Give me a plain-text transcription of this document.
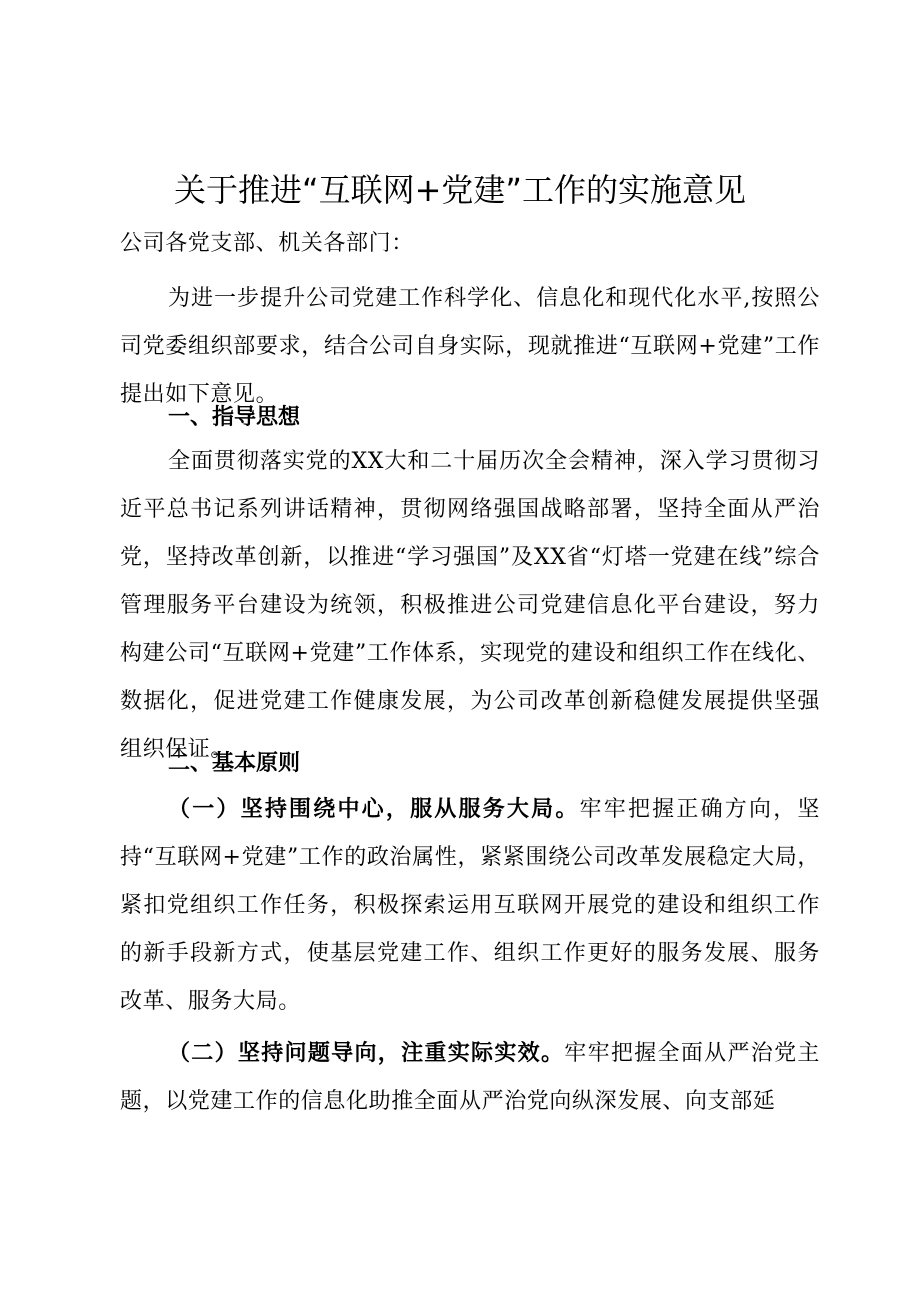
关于推进“互联网+党建”工作的实施意见

公司各党支部、机关各部门：

为进一步提升公司党建工作科学化、信息化和现代化水平,按照公司党委组织部要求，结合公司自身实际，现就推进“互联网+党建”工作提出如下意见。

一、指导思想

全面贯彻落实党的XX大和二十届历次全会精神，深入学习贯彻习近平总书记系列讲话精神，贯彻网络强国战略部署，坚持全面从严治党，坚持改革创新，以推进“学习强国”及XX省“灯塔一党建在线”综合管理服务平台建设为统领，积极推进公司党建信息化平台建设，努力构建公司“互联网+党建”工作体系，实现党的建设和组织工作在线化、数据化，促进党建工作健康发展，为公司改革创新稳健发展提供坚强组织保证。

二、基本原则

（一）坚持围绕中心，服从服务大局。牢牢把握正确方向，坚持“互联网+党建”工作的政治属性，紧紧围绕公司改革发展稳定大局，紧扣党组织工作任务，积极探索运用互联网开展党的建设和组织工作的新手段新方式，使基层党建工作、组织工作更好的服务发展、服务改革、服务大局。

（二）坚持问题导向，注重实际实效。牢牢把握全面从严治党主题，以党建工作的信息化助推全面从严治党向纵深发展、向支部延
